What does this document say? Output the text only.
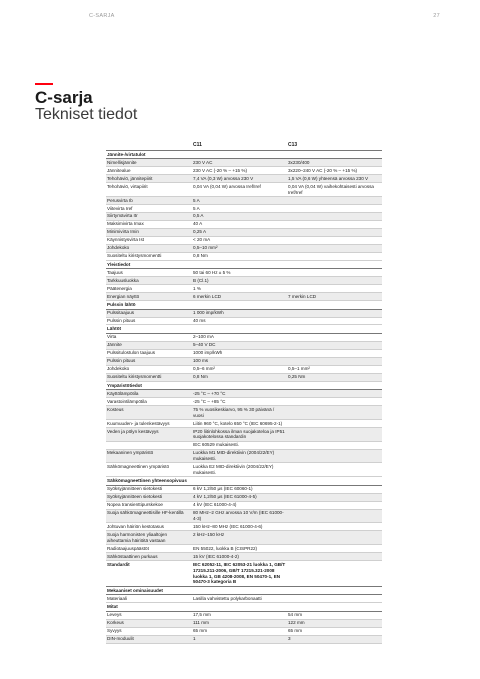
C-SARJA	27
C-sarja
Tekniset tiedot
	C11	C13
Jännite-/virtatulot		
Nimellisjännite	230 V AC	3x230/400
Jännitealue	230 V AC (-20 % – +15 %)	3x220–240 V AC (-20 % – +15 %)
Tehohäviö, jännitepiirit	7,4 VA (0,3 W) arvossa 230 V	1,5 VA (0,6 W) yhteensä arvossa 230 V
Tehohäviö, virtapiirit	0,04 VA (0,04 W) arvossa Iref/Iref	0,04 VA (0,04 W) vaihekohtaisesti arvossa Iref/Iref
Perusvirta Ib	5 A	
Viitevirta Iref	5 A	
Siirtymävirta Itr	0,5 A	
Maksimivirta Imax	40 A	
Minimivirta Imin	0,25 A	
Käynnistysvirta Ist	< 20 mA	
Johdekoko	0,5–10 mm²	
Suositeltu kiristysmomentti	0,8 Nm	
Yleistiedot		
Taajuus	50 tai 60 Hz ± 5 %	
Tarkkuusluokka	B (Cl.1)	
Päätenergia	1 %	
Energian näyttö	6 merkin LCD	7 merkin LCD
Pulssin lähtö		
Pulssitaajuus	1 000 imp/kWh	
Pulssin pituus	40 ms	
Lähtöt		
Virta	2–100 mA	
Jännite	5–40 V DC	
Pulssitulostulon taajuus	1000 imp/kWh	
Pulssin pituus	100 ms	
Johdekoko	0,5–6 mm²	0,5–1 mm²
Suositeltu kiristysmomentti	0,8 Nm	0,25 Nm
Ympäristötiedot		
Käyttölämpötila	-25 °C – +70 °C	
Varastointilämpötila	-25 °C – +85 °C	
Kosteus	75 % vuosikeskiarvo, 95 % 30 päivänä / vuosi	
Kuumuuden- ja tulenkestävyys	Liitin 960 °C, kotelo 650 °C (IEC 60695-2-1)	
Veden ja pölyn kestävyys	IP20 liitinlohkossa ilman suojakoteloa ja IP51 suojakotelossa standardin	
	IEC 60529 mukaisesti.	
Mekaaninen ympäristö	Luokka M1 MID-direktiivin (2004/22/EY) mukaisesti.	
Sähkömagneettinen ympäristö	Luokka E2 MID-direktiivin (2004/22/EY) mukaisesti.	
Sähkömagneettinen yhteensopivuus		
Syöksyjännitteen sietokesti	6 kV 1,2/50 µs (IEC 60060-1)	
Syöksyjännitteen sietokesti	4 kV 1,2/50 µs (IEC 61000-4-5)	
Nopea transienttipurskekoe	4 kV (IEC 61000-4-4)	
Suoja sähkömagneettisille HF-kentillä	80 MHz–2 GHz arvossa 10 V/m (IEC 61000-4-3)	
Johtuvan häiriön kestotasus	150 kHz–80 MHz (IEC 61000-4-6)	
Suoja harmonisten yliaaltojen aiheuttamia häiriöitä vastaan	2 kHz–150 kHz	
Radiotaajuuspäästöt	EN 55022, luokka B (CISPR22)	
Sähköstaattinen purkaus	15 kV (IEC 61000-4-2)	
Standardit	IEC 62052-11, IEC 62053-21 luokka 1, GB/T 17215.211-2006, GB/T 17215.321-2008 luokka 1, GB 4208-2008, EN 50470-1, EN 50470-3 kategoria B	
Mekaaniset ominaisuudet		
Materiaali	Lasilla vahvistettu polykarbonaatti	
Mitat		
Leveys	17,5 mm	54 mm
Korkeus	111 mm	122 mm
Syvyys	65 mm	65 mm
DIN-moduulit	1	3
